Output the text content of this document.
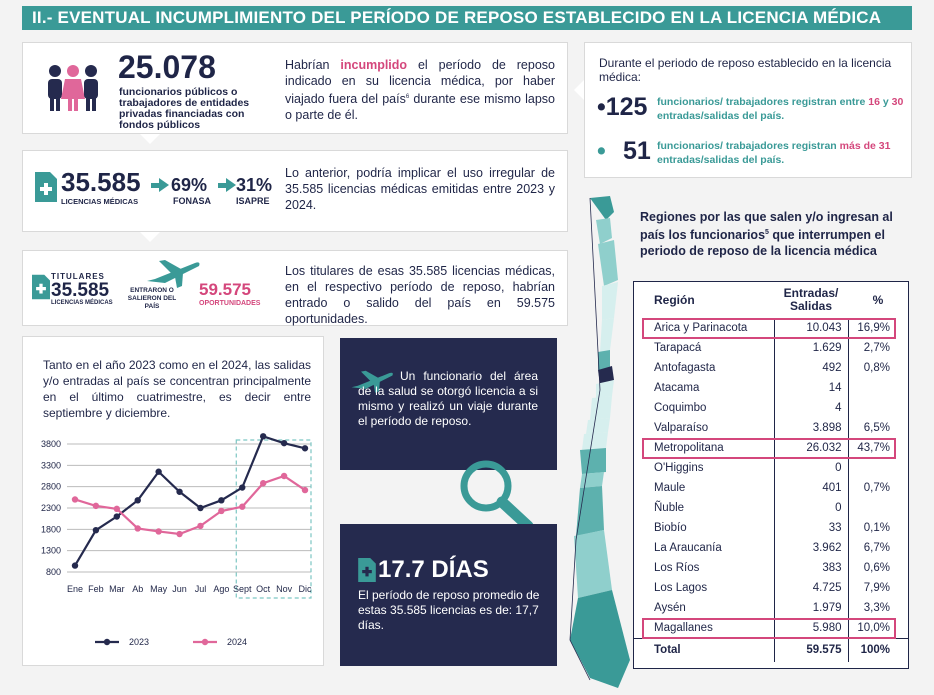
II.- EVENTUAL INCUMPLIMIENTO DEL PERÍODO DE REPOSO ESTABLECIDO EN LA LICENCIA MÉDICA
25.078
funcionarios públicos o trabajadores de entidades privadas financiadas con fondos públicos
Habrían incumplido el período de reposo indicado en su licencia médica, por haber viajado fuera del país$^6$ durante ese mismo lapso o parte de él.
35.585
LICENCIAS MÉDICAS
69%
FONASA
31%
ISAPRE
Lo anterior, podría implicar el uso irregular de 35.585 licencias médicas emitidas entre 2023 y 2024.
TITULARES
35.585
LICENCIAS MÉDICAS
ENTRARON O SALIERON DEL PAÍS
59.575
OPORTUNIDADES
Los titulares de esas 35.585 licencias médicas, en el respectivo período de reposo, habrían entrado o salido del país en 59.575 oportunidades.
Tanto en el año 2023 como en el 2024, las salidas y/o entradas al país se concentran principalmente en el último cuatrimestre, es decir entre septiembre y diciembre.
3800
3300
2800
2300
1800
1300
800
Ene Feb Mar Ab May Jun Jul Ago Sept Oct Nov Dic
2023	2024
Un funcionario del área de la salud se otorgó licencia a si mismo y realizó un viaje durante el período de reposo.
17.7 DÍAS
El período de reposo promedio de estas 35.585 licencias es de: 17,7 días.
Durante el periodo de reposo establecido en la licencia médica:
•125 funcionarios/ trabajadores registran entre 16 y 30 entradas/salidas del país.
• 51 funcionarios/ trabajadores registran más de 31 entradas/salidas del país.
Regiones por las que salen y/o ingresan al país los funcionarios$^5$ que interrumpen el periodo de reposo de la licencia médica
Región	Entradas/ Salidas	%
Arica y Parinacota	10.043	16,9%
Tarapacá	1.629	2,7%
Antofagasta	492	0,8%
Atacama	14	
Coquimbo	4	
Valparaíso	3.898	6,5%
Metropolitana	26.032	43,7%
O'Higgins	0	
Maule	401	0,7%
Ñuble	0	
Biobío	33	0,1%
La Araucanía	3.962	6,7%
Los Ríos	383	0,6%
Los Lagos	4.725	7,9%
Aysén	1.979	3,3%
Magallanes	5.980	10,0%
Total	59.575	100%
